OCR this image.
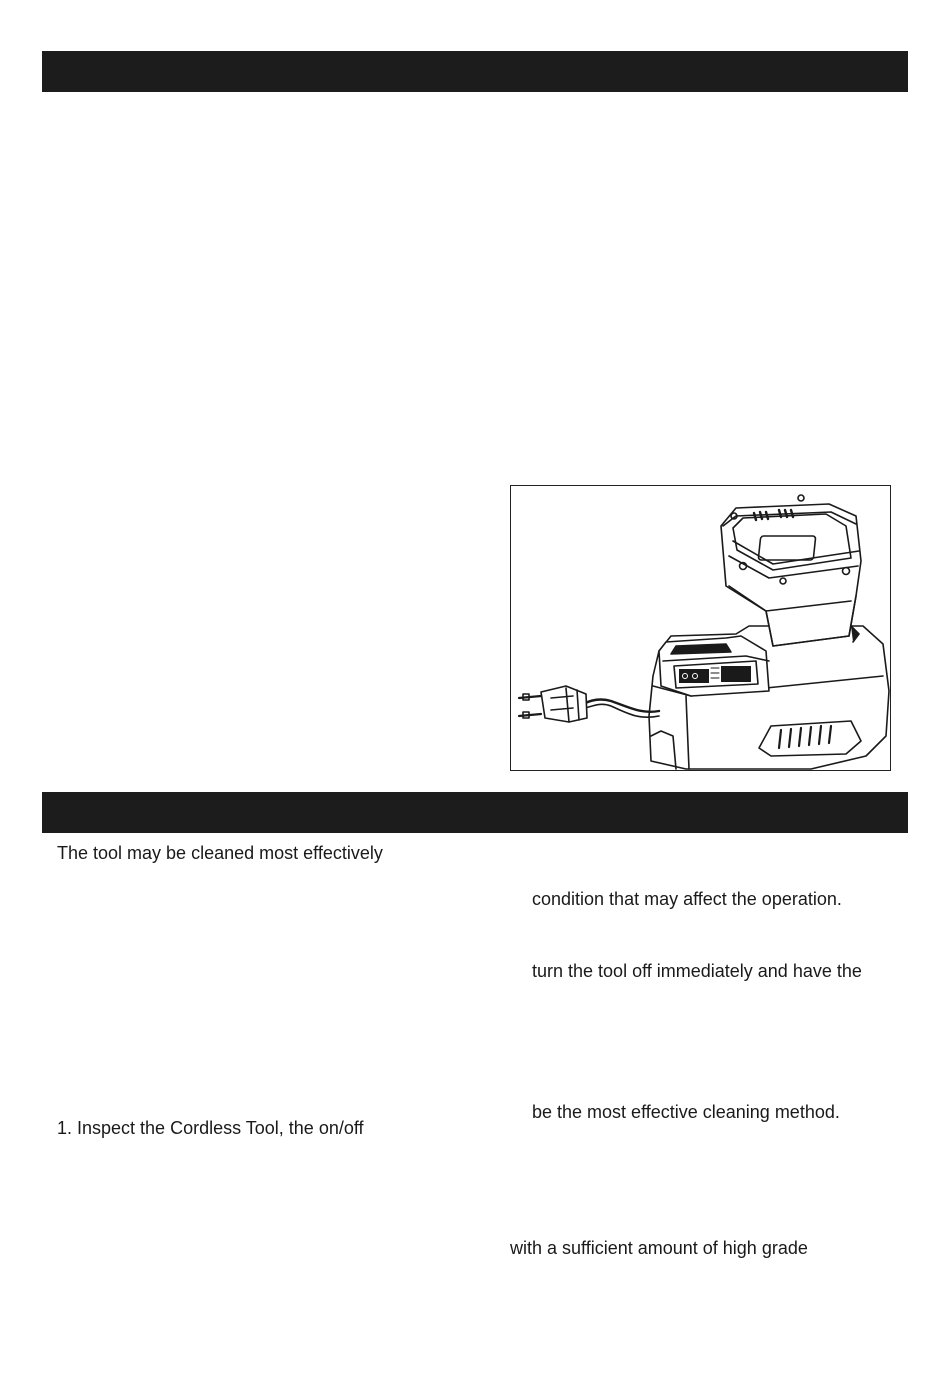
The tool may be cleaned most effectively
1. Inspect the Cordless Tool, the on/off
condition that may affect the operation.
turn the tool off immediately and have the
be the most effective cleaning method.
with a sufficient amount of high grade
